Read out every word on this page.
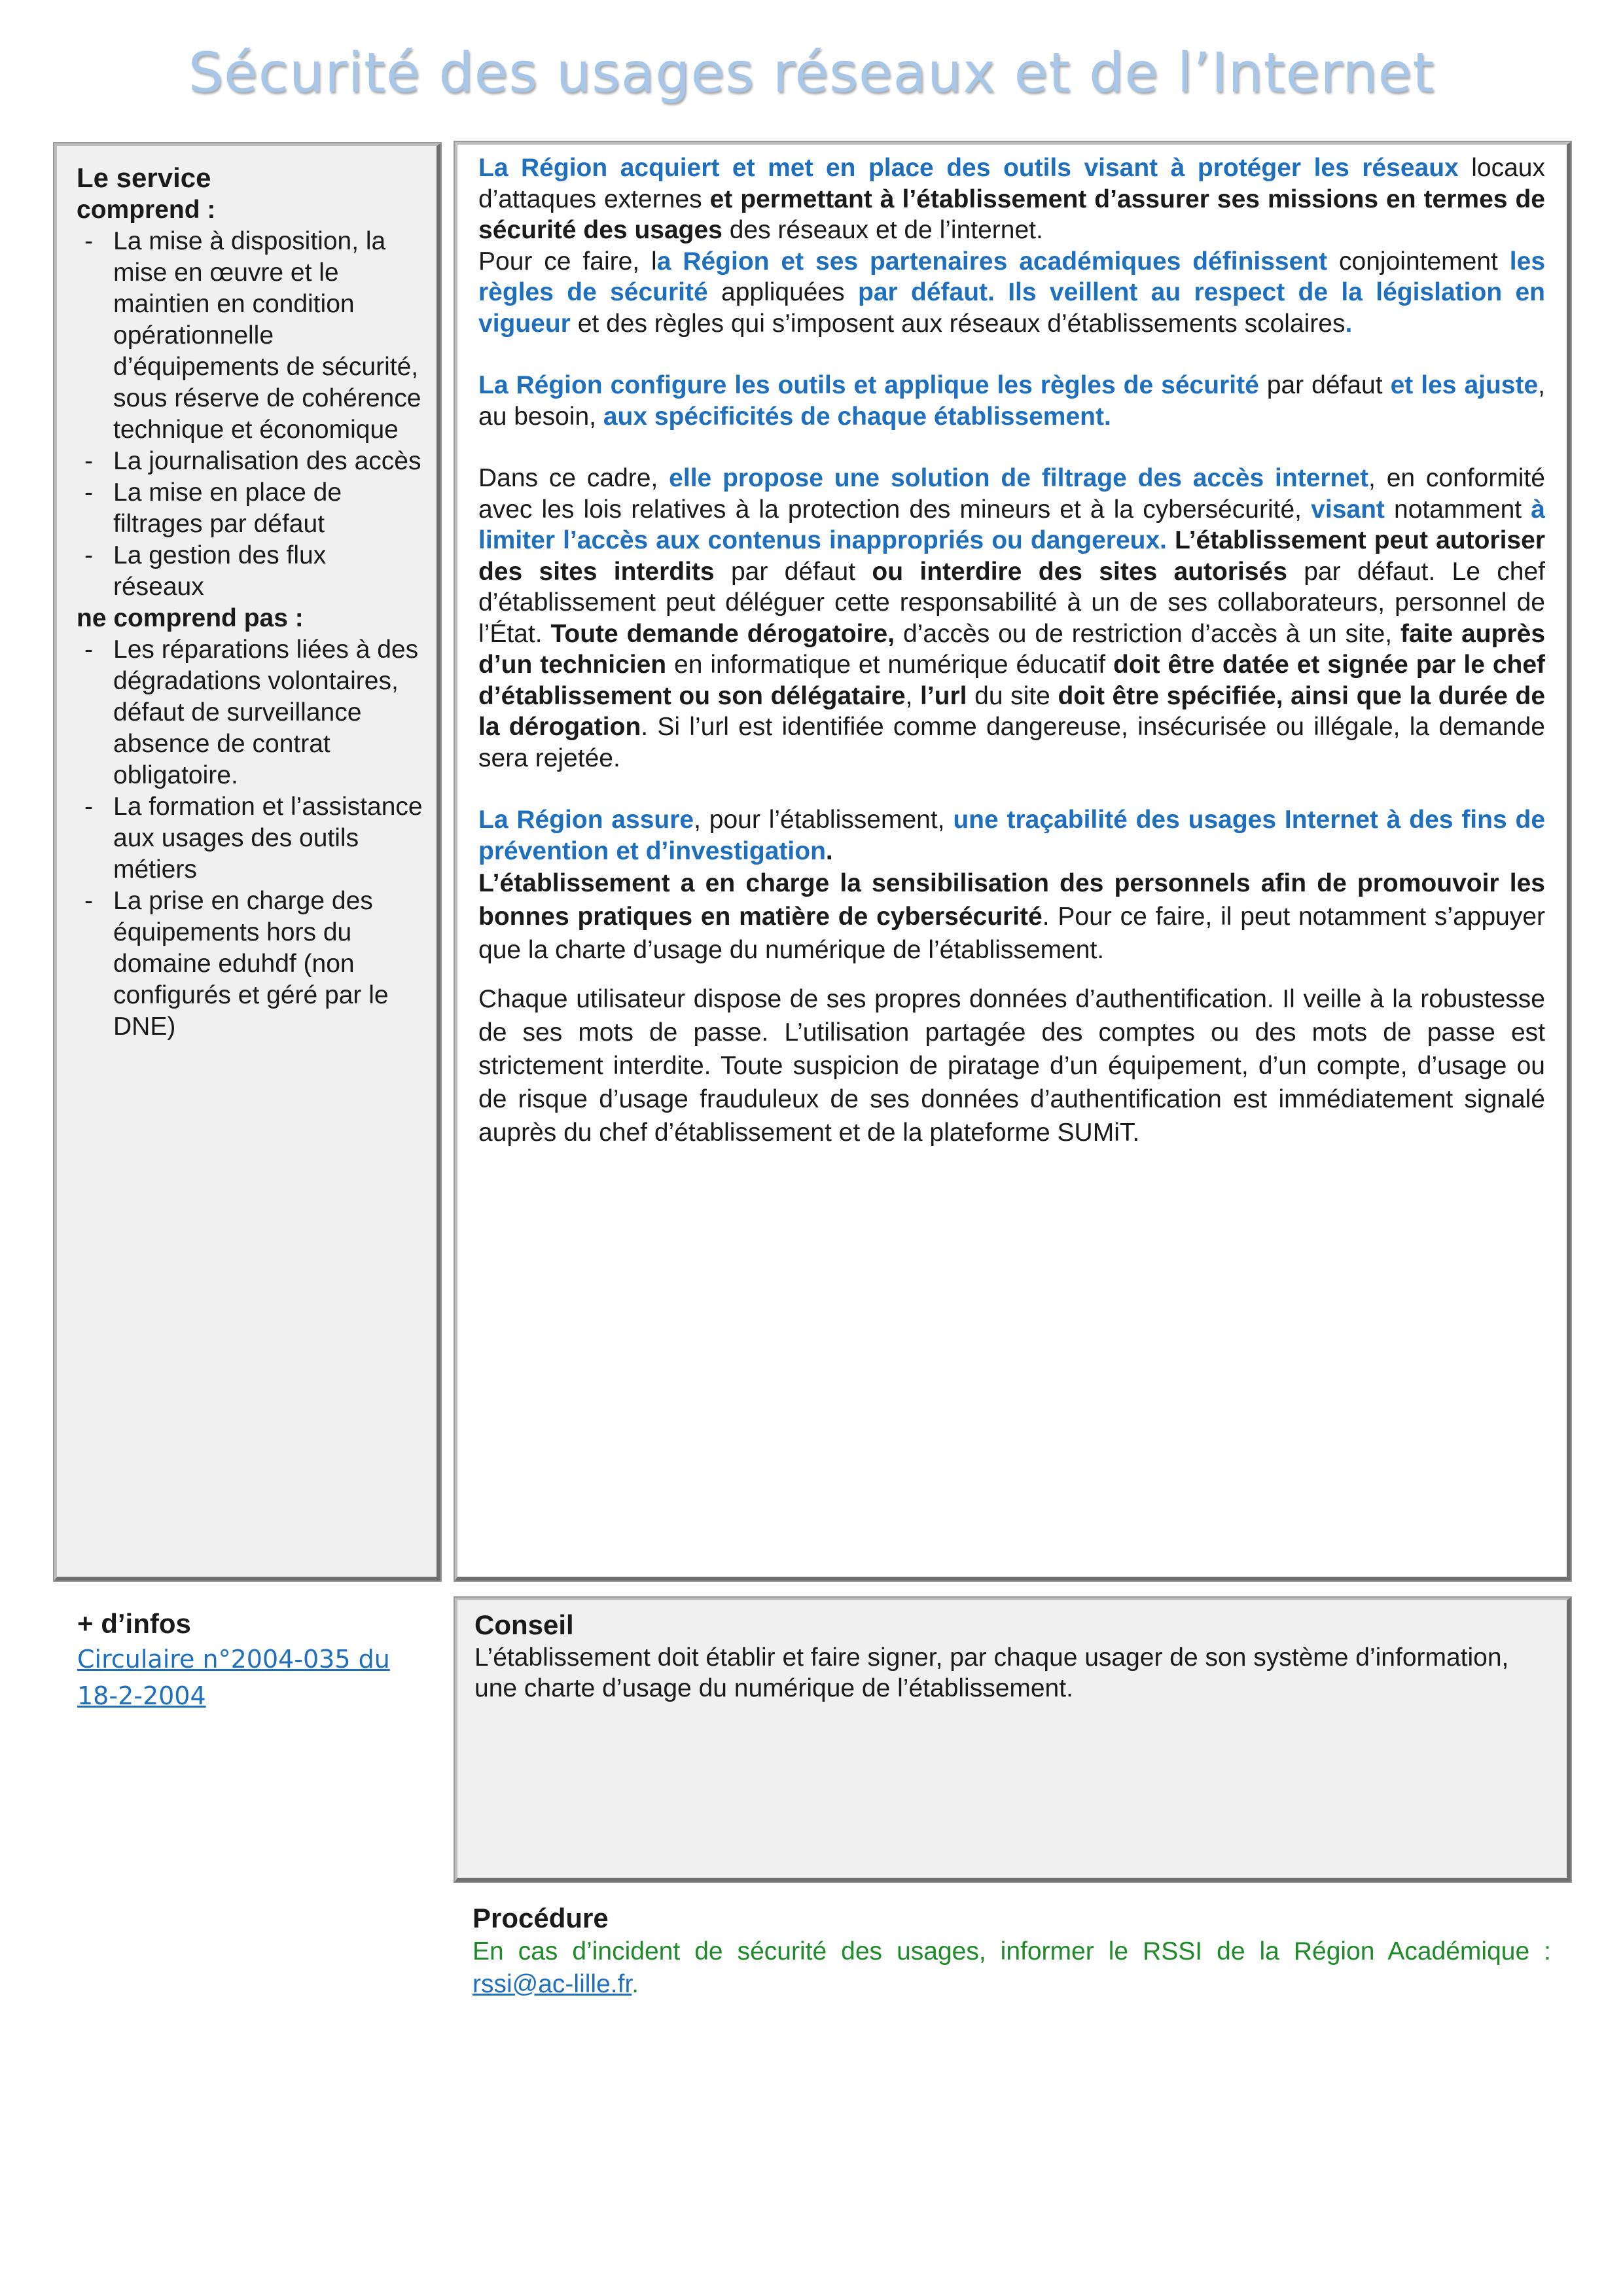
Sécurité des usages réseaux et de l’Internet
Le service
comprend :
- La mise à disposition, la mise en œuvre et le maintien en condition opérationnelle d’équipements de sécurité, sous réserve de cohérence technique et économique
- La journalisation des accès
- La mise en place de filtrages par défaut
- La gestion des flux réseaux
ne comprend pas :
- Les réparations liées à des dégradations volontaires, défaut de surveillance absence de contrat obligatoire.
- La formation et l’assistance aux usages des outils métiers
- La prise en charge des équipements hors du domaine eduhdf (non configurés et géré par le DNE)

La Région acquiert et met en place des outils visant à protéger les réseaux locaux d’attaques externes et permettant à l’établissement d’assurer ses missions en termes de sécurité des usages des réseaux et de l’internet.

Pour ce faire, la Région et ses partenaires académiques définissent conjointement les règles de sécurité appliquées par défaut. Ils veillent au respect de la législation en vigueur et des règles qui s’imposent aux réseaux d’établissements scolaires.

La Région configure les outils et applique les règles de sécurité par défaut et les ajuste, au besoin, aux spécificités de chaque établissement.

Dans ce cadre, elle propose une solution de filtrage des accès internet, en conformité avec les lois relatives à la protection des mineurs et à la cybersécurité, visant notamment à limiter l’accès aux contenus inappropriés ou dangereux. L’établissement peut autoriser des sites interdits par défaut ou interdire des sites autorisés par défaut. Le chef d’établissement peut déléguer cette responsabilité à un de ses collaborateurs, personnel de l’État. Toute demande dérogatoire, d’accès ou de restriction d’accès à un site, faite auprès d’un technicien en informatique et numérique éducatif doit être datée et signée par le chef d’établissement ou son délégataire, l’url du site doit être spécifiée, ainsi que la durée de la dérogation. Si l’url est identifiée comme dangereuse, insécurisée ou illégale, la demande sera rejetée.

La Région assure, pour l’établissement, une traçabilité des usages Internet à des fins de prévention et d’investigation.

L’établissement a en charge la sensibilisation des personnels afin de promouvoir les bonnes pratiques en matière de cybersécurité. Pour ce faire, il peut notamment s’appuyer que la charte d’usage du numérique de l’établissement.

Chaque utilisateur dispose de ses propres données d’authentification. Il veille à la robustesse de ses mots de passe. L’utilisation partagée des comptes ou des mots de passe est strictement interdite. Toute suspicion de piratage d’un équipement, d’un compte, d’usage ou de risque d’usage frauduleux de ses données d’authentification est immédiatement signalé auprès du chef d’établissement et de la plateforme SUMiT.

+ d’infos
Circulaire n°2004-035 du
18-2-2004
Conseil
L’établissement doit établir et faire signer, par chaque usager de son système d’information, une charte d’usage du numérique de l’établissement.
Procédure
En cas d’incident de sécurité des usages, informer le RSSI de la Région Académique : rssi@ac-lille.fr.
